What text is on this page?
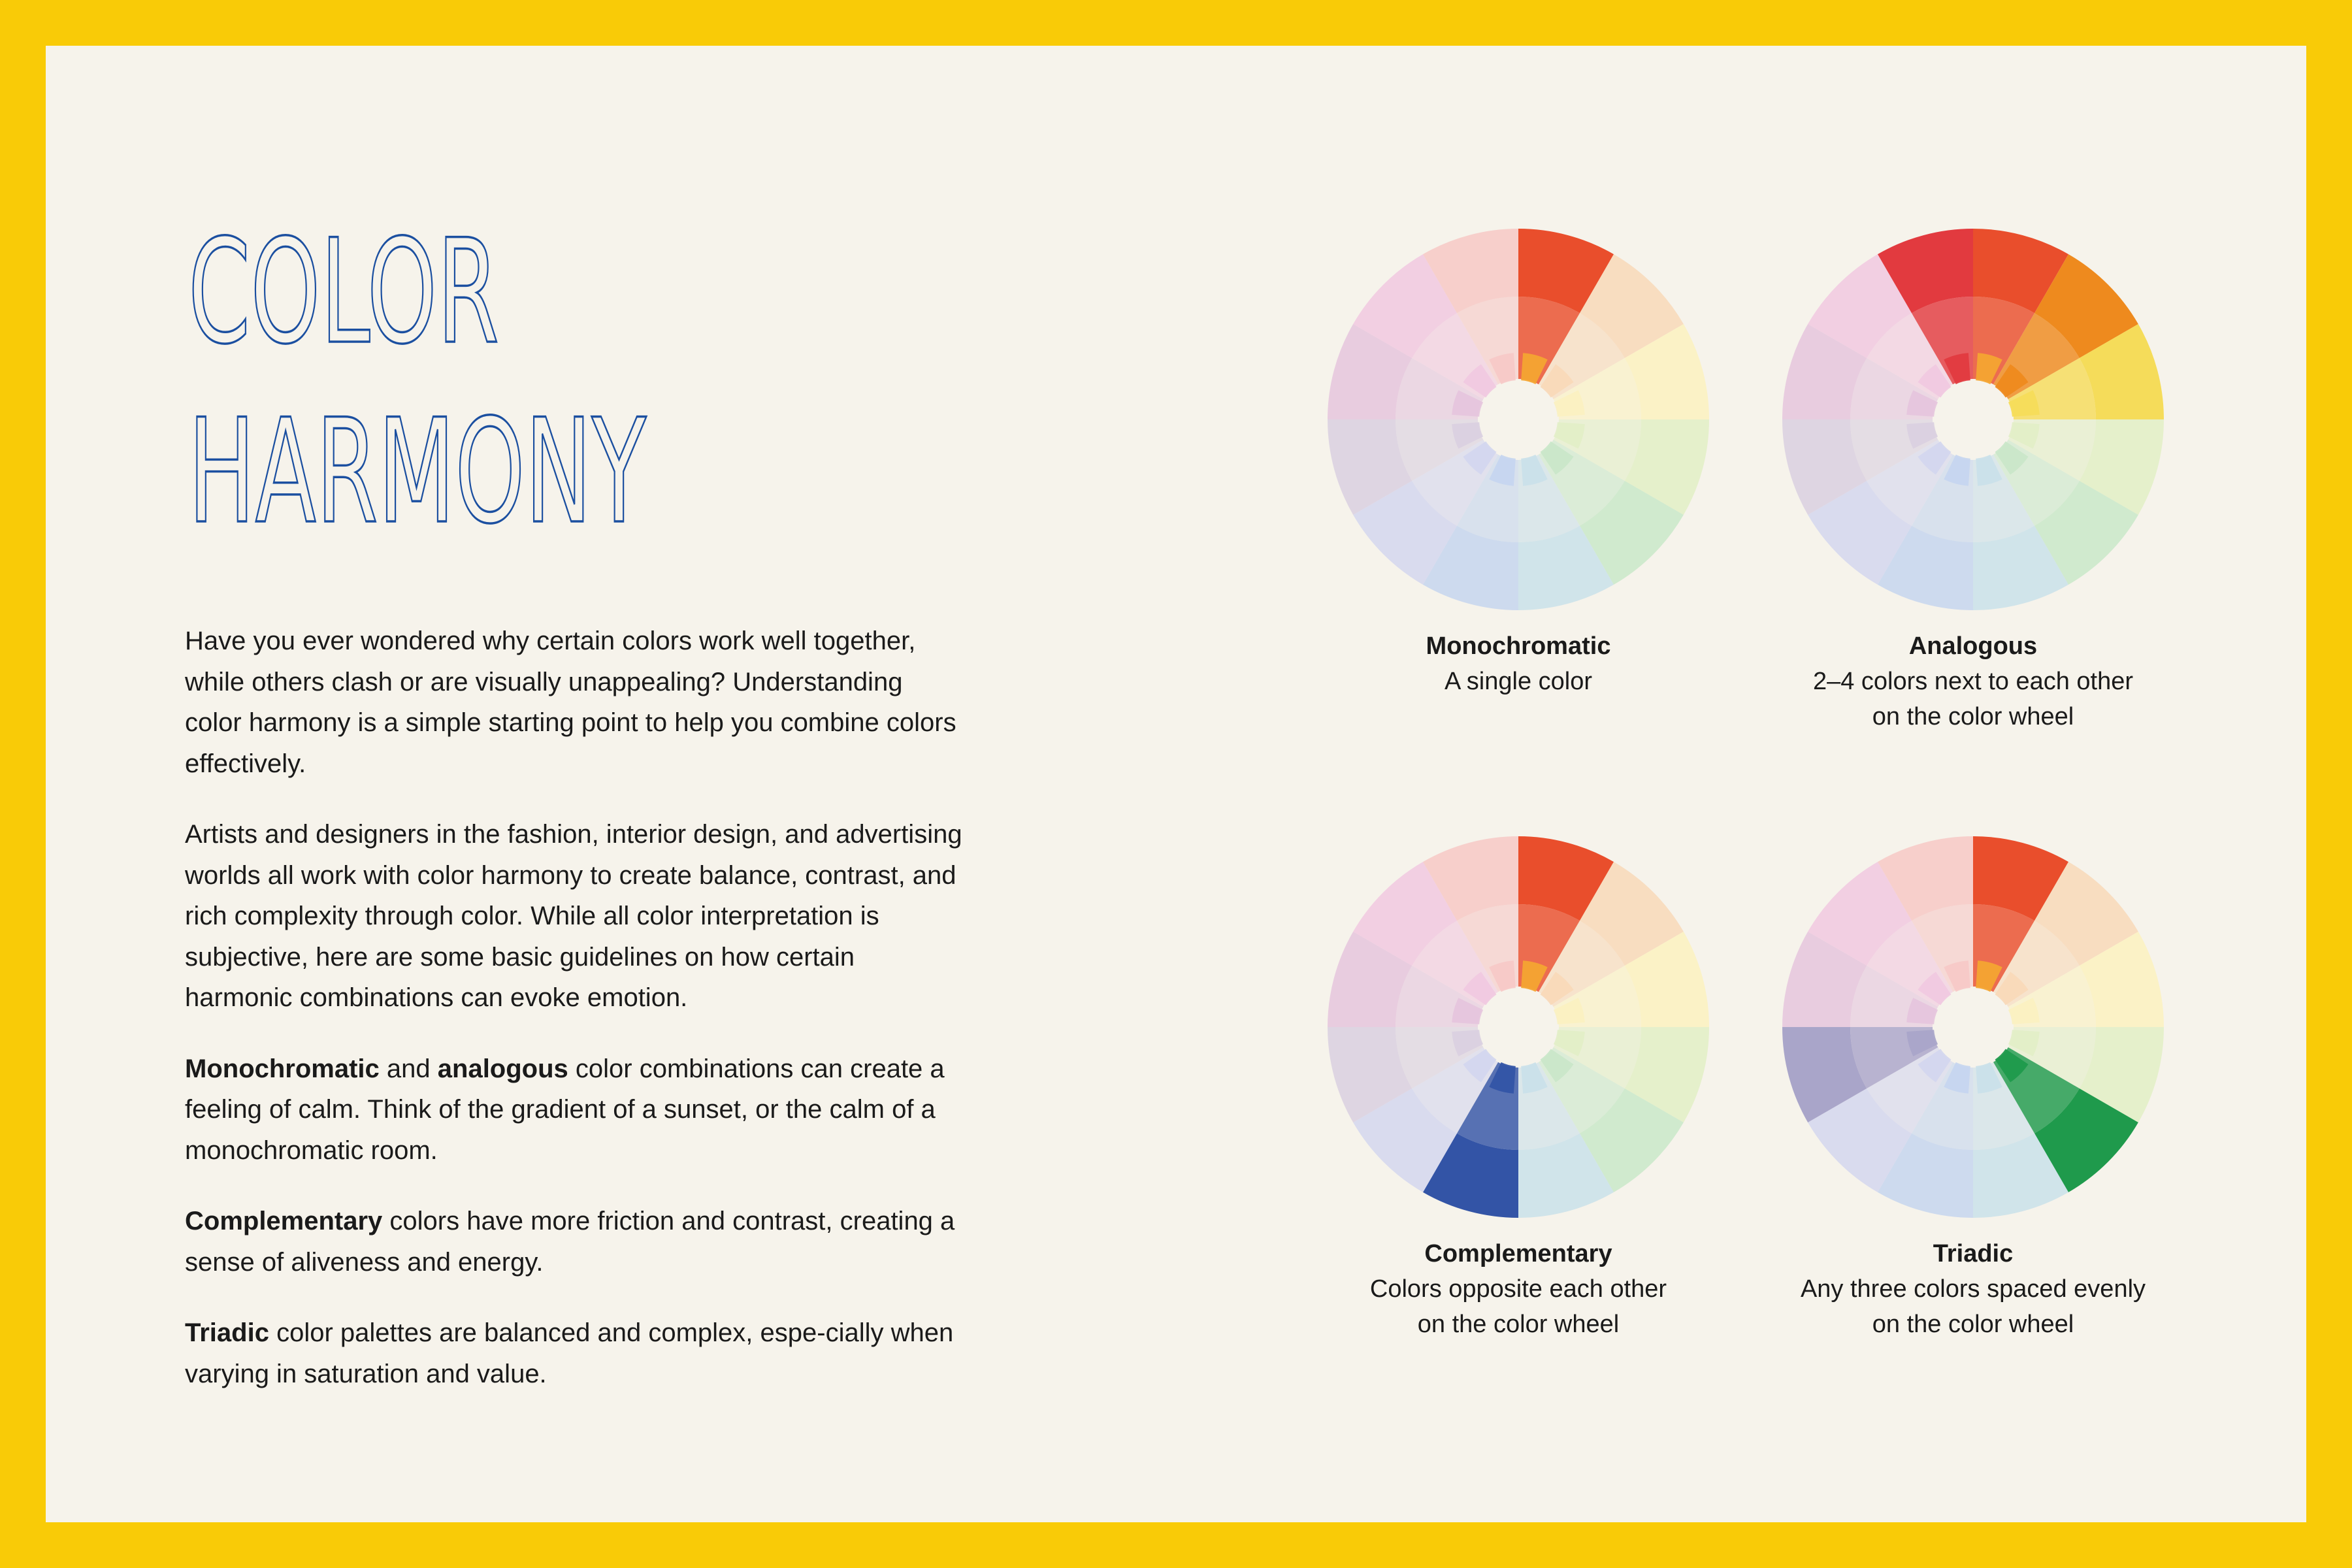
COLOR
HARMONY

Have you ever wondered why certain colors work well together, while others clash or are visually unappealing? Understanding color harmony is a simple starting point to help you combine colors effectively.

Artists and designers in the fashion, interior design, and advertising worlds all work with color harmony to create balance, contrast, and rich complexity through color. While all color interpretation is subjective, here are some basic guidelines on how certain harmonic combinations can evoke emotion.

Monochromatic and analogous color combinations can create a feeling of calm. Think of the gradient of a sunset, or the calm of a monochromatic room.

Complementary colors have more friction and contrast, creating a sense of aliveness and energy.

Triadic color palettes are balanced and complex, espe-cially when varying in saturation and value.

Monochromatic
A single color
Analogous
2–4 colors next to each other
on the color wheel
Complementary
Colors opposite each other
on the color wheel
Triadic
Any three colors spaced evenly
on the color wheel
